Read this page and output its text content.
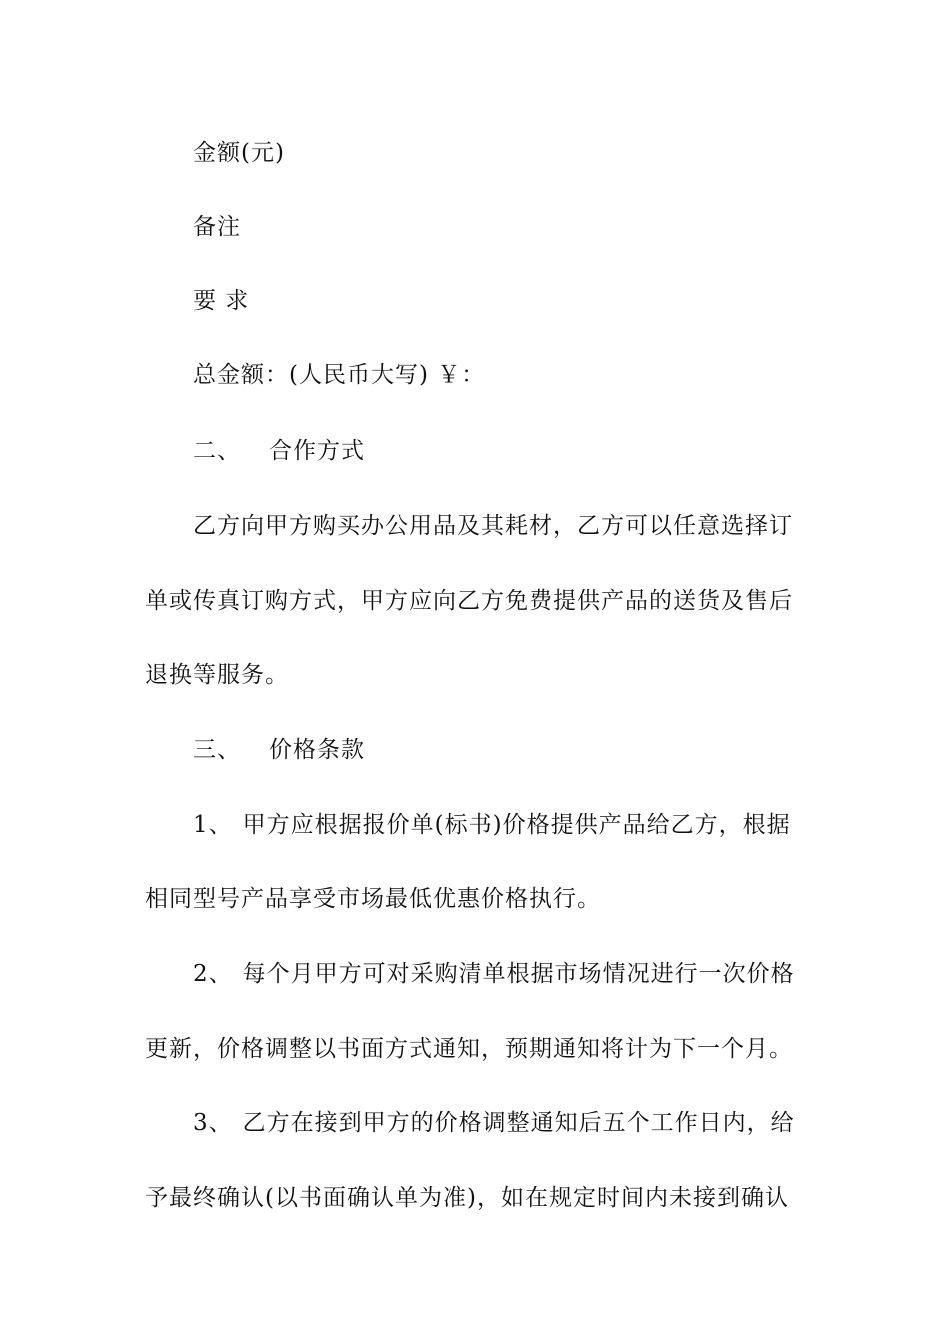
金额(元)
备注
要 求
总金额：(人民币大写) ￥：
二、 合作方式
乙方向甲方购买办公用品及其耗材，乙方可以任意选择订
单或传真订购方式，甲方应向乙方免费提供产品的送货及售后
退换等服务。
三、 价格条款
1、 甲方应根据报价单(标书)价格提供产品给乙方，根据
相同型号产品享受市场最低优惠价格执行。
2、 每个月甲方可对采购清单根据市场情况进行一次价格
更新，价格调整以书面方式通知，预期通知将计为下一个月。
3、 乙方在接到甲方的价格调整通知后五个工作日内，给
予最终确认(以书面确认单为准)，如在规定时间内未接到确认
